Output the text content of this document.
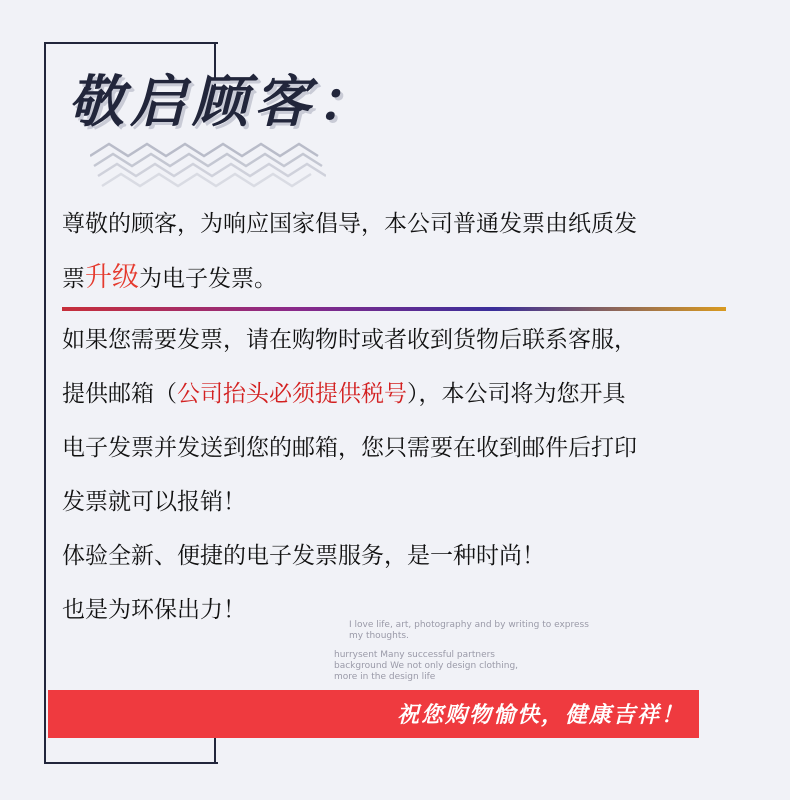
敬启顾客：
尊敬的顾客，为响应国家倡导，本公司普通发票由纸质发
票升级为电子发票。
如果您需要发票，请在购物时或者收到货物后联系客服，
提供邮箱（公司抬头必须提供税号），本公司将为您开具
电子发票并发送到您的邮箱，您只需要在收到邮件后打印
发票就可以报销！
体验全新、便捷的电子发票服务，是一种时尚！
也是为环保出力！
I love life, art, photography and by writing to express
my thoughts.
hurrysent Many successful partners
background We not only design clothing,
more in the design life
祝您购物愉快，健康吉祥！
